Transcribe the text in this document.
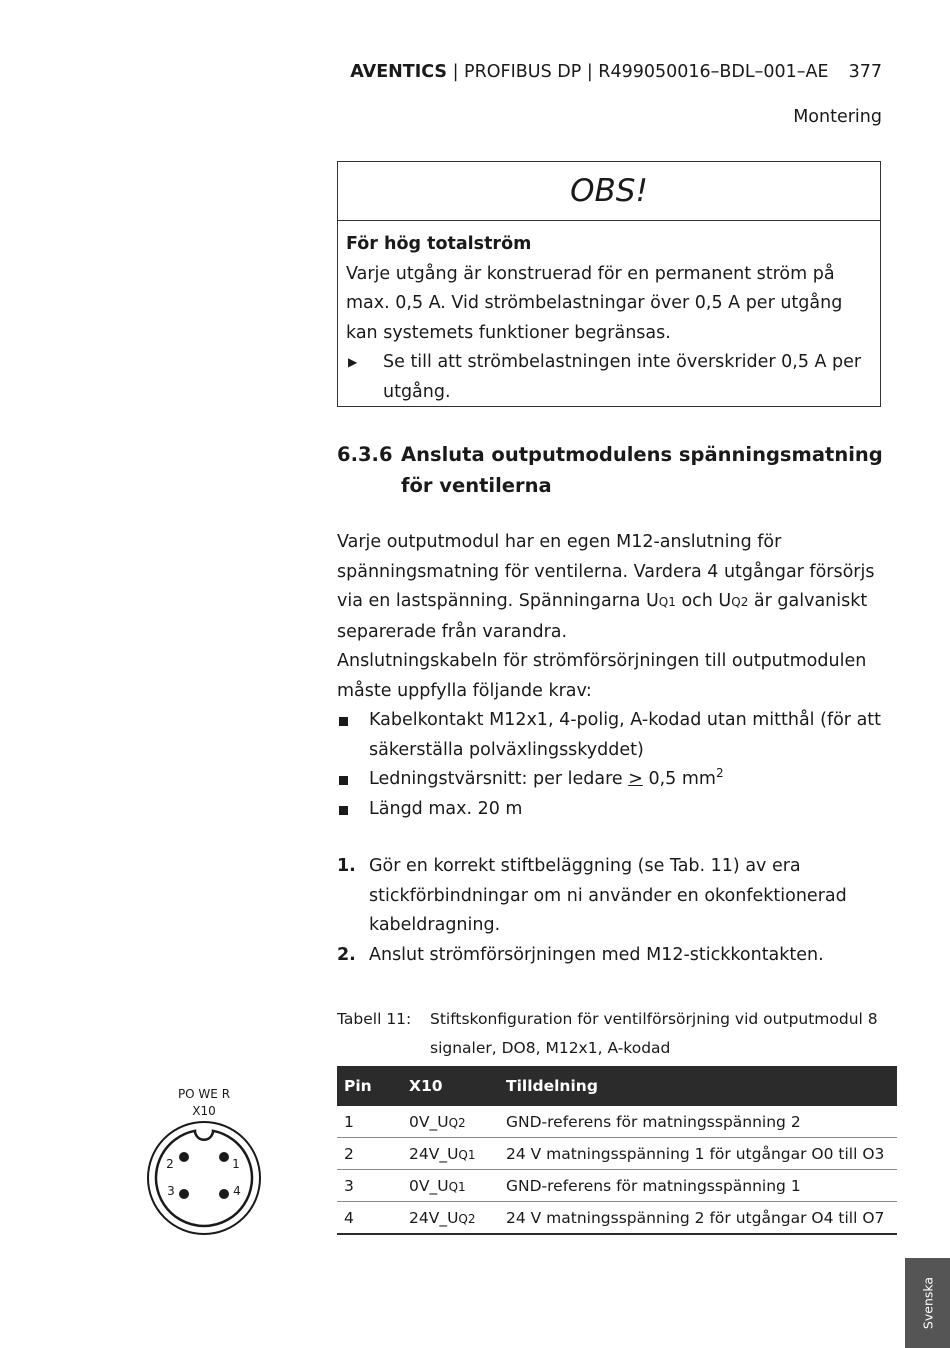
AVENTICS | PROFIBUS DP | R499050016–BDL–001–AE 377
Montering
OBS!
För hög totalström
Varje utgång är konstruerad för en permanent ström på max. 0,5 A. Vid strömbelastningar över 0,5 A per utgång kan systemets funktioner begränsas.
▶ Se till att strömbelastningen inte överskrider 0,5 A per utgång.
6.3.6 Ansluta outputmodulens spänningsmatning för ventilerna

Varje outputmodul har en egen M12-anslutning för spänningsmatning för ventilerna. Vardera 4 utgångar försörjs via en lastspänning. Spänningarna UQ1 och UQ2 är galvaniskt separerade från varandra.

Anslutningskabeln för strömförsörjningen till outputmodulen måste uppfylla följande krav:

Kabelkontakt M12x1, 4-polig, A-kodad utan mitthål (för att säkerställa polväxlingsskyddet)
Ledningstvärsnitt: per ledare ≥ 0,5 $mm^2$
Längd max. 20 m
1. Gör en korrekt stiftbeläggning (se Tab. 11) av era stickförbindningar om ni använder en okonfektionerad kabeldragning.
2. Anslut strömförsörjningen med M12-stickkontakten.
Tabell 11:	Stiftskonfiguration för ventilförsörjning vid outputmodul 8 signaler, DO8, M12x1, A-kodad
Pin	X10	Tilldelning
1	0V_UQ2	GND-referens för matningsspänning 2
2	24V_UQ1	24 V matningsspänning 1 för utgångar O0 till O3
3	0V_UQ1	GND-referens för matningsspänning 1
4	24V_UQ2	24 V matningsspänning 2 för utgångar O4 till O7
PO WE R
X10
1
2
3	4
Svenska
